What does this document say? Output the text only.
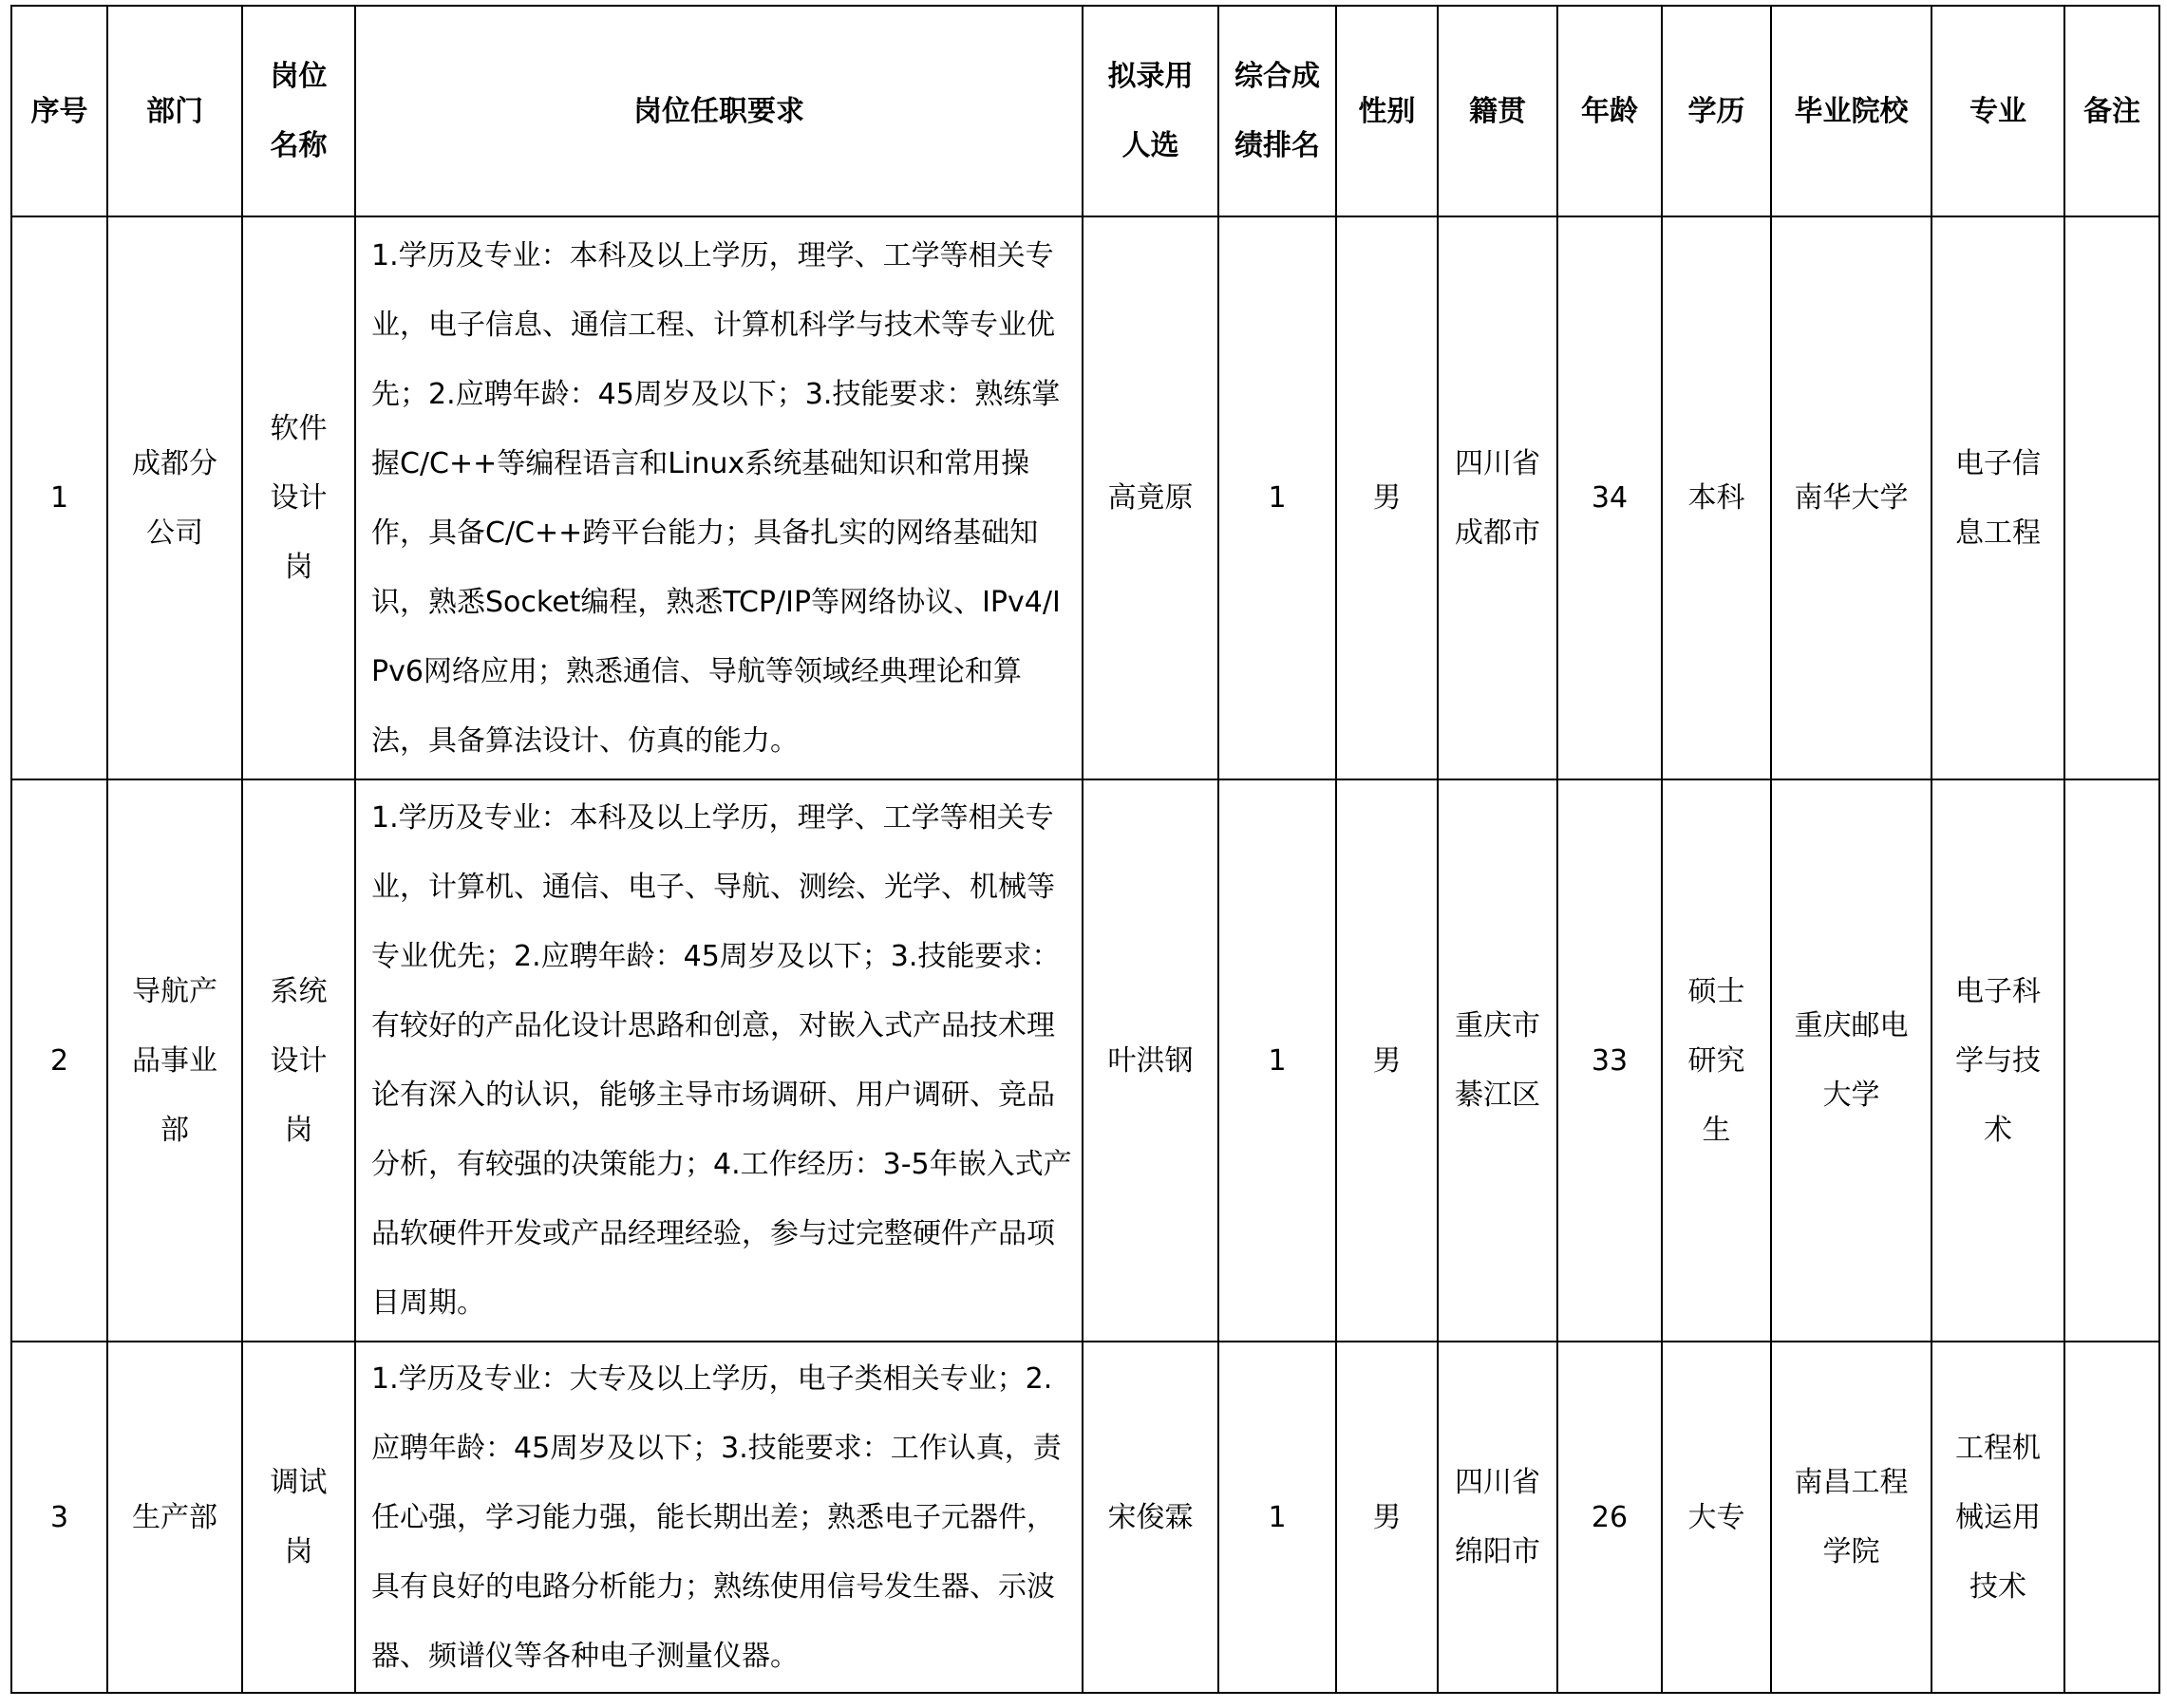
序号	部门	岗位名称	岗位任职要求	拟录用人选	综合成绩排名	性别	籍贯	年龄	学历	毕业院校	专业	备注
1	成都分公司	软件设计岗	1.学历及专业：本科及以上学历，理学、工学等相关专业，电子信息、通信工程、计算机科学与技术等专业优先；2.应聘年龄：45周岁及以下；3.技能要求：熟练掌握C/C++等编程语言和Linux系统基础知识和常用操作，具备C/C++跨平台能力；具备扎实的网络基础知识，熟悉Socket编程，熟悉TCP/IP等网络协议、IPv4/IPv6网络应用；熟悉通信、导航等领域经典理论和算法，具备算法设计、仿真的能力。	高竟原	1	男	四川省成都市	34	本科	南华大学	电子信息工程	
2	导航产品事业部	系统设计岗	1.学历及专业：本科及以上学历，理学、工学等相关专业，计算机、通信、电子、导航、测绘、光学、机械等专业优先；2.应聘年龄：45周岁及以下；3.技能要求：有较好的产品化设计思路和创意，对嵌入式产品技术理论有深入的认识，能够主导市场调研、用户调研、竞品分析，有较强的决策能力；4.工作经历：3-5年嵌入式产品软硬件开发或产品经理经验，参与过完整硬件产品项目周期。	叶洪钢	1	男	重庆市綦江区	33	硕士研究生	重庆邮电大学	电子科学与技术	
3	生产部	调试岗	1.学历及专业：大专及以上学历，电子类相关专业；2.应聘年龄：45周岁及以下；3.技能要求：工作认真，责任心强，学习能力强，能长期出差；熟悉电子元器件，具有良好的电路分析能力；熟练使用信号发生器、示波器、频谱仪等各种电子测量仪器。	宋俊霖	1	男	四川省绵阳市	26	大专	南昌工程学院	工程机械运用技术	
